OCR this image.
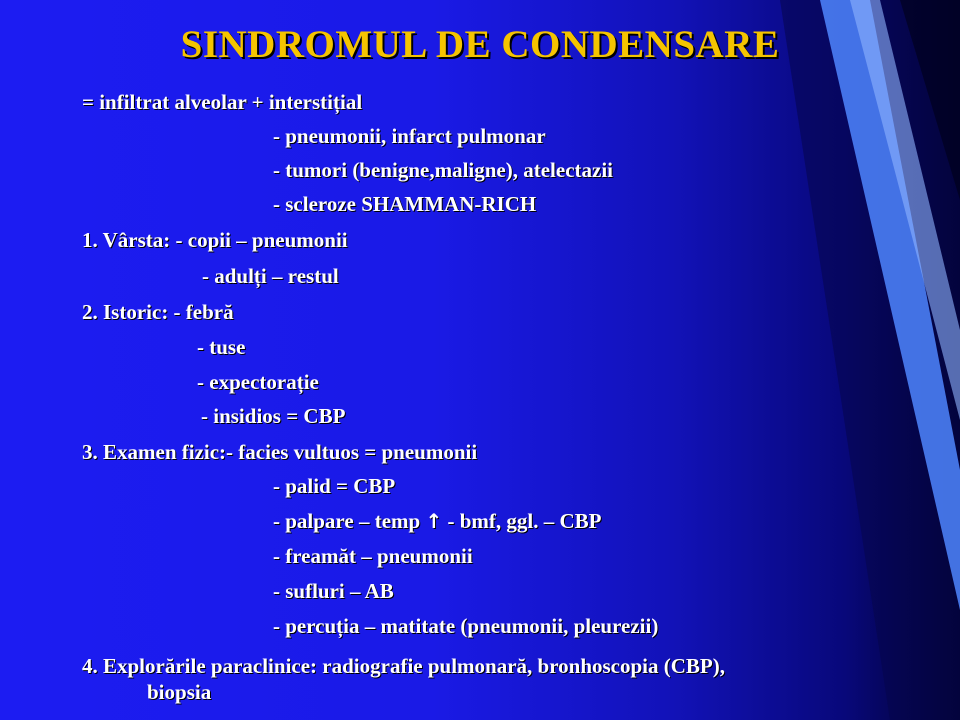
SINDROMUL DE CONDENSARE
= infiltrat alveolar + interstițial
- pneumonii, infarct pulmonar
- tumori (benigne,maligne), atelectazii
- scleroze SHAMMAN-RICH
1. Vârsta: - copii – pneumonii
- adulți – restul
2. Istoric: - febră
- tuse
- expectorație
- insidios = CBP
3. Examen fizic:- facies vultuos = pneumonii
- palid = CBP
- palpare – temp ↑ - bmf, ggl. – CBP
- freamăt – pneumonii
- sufluri – AB
- percuția – matitate (pneumonii, pleurezii)
4. Explorările paraclinice: radiografie pulmonară, bronhoscopia (CBP),
biopsia
